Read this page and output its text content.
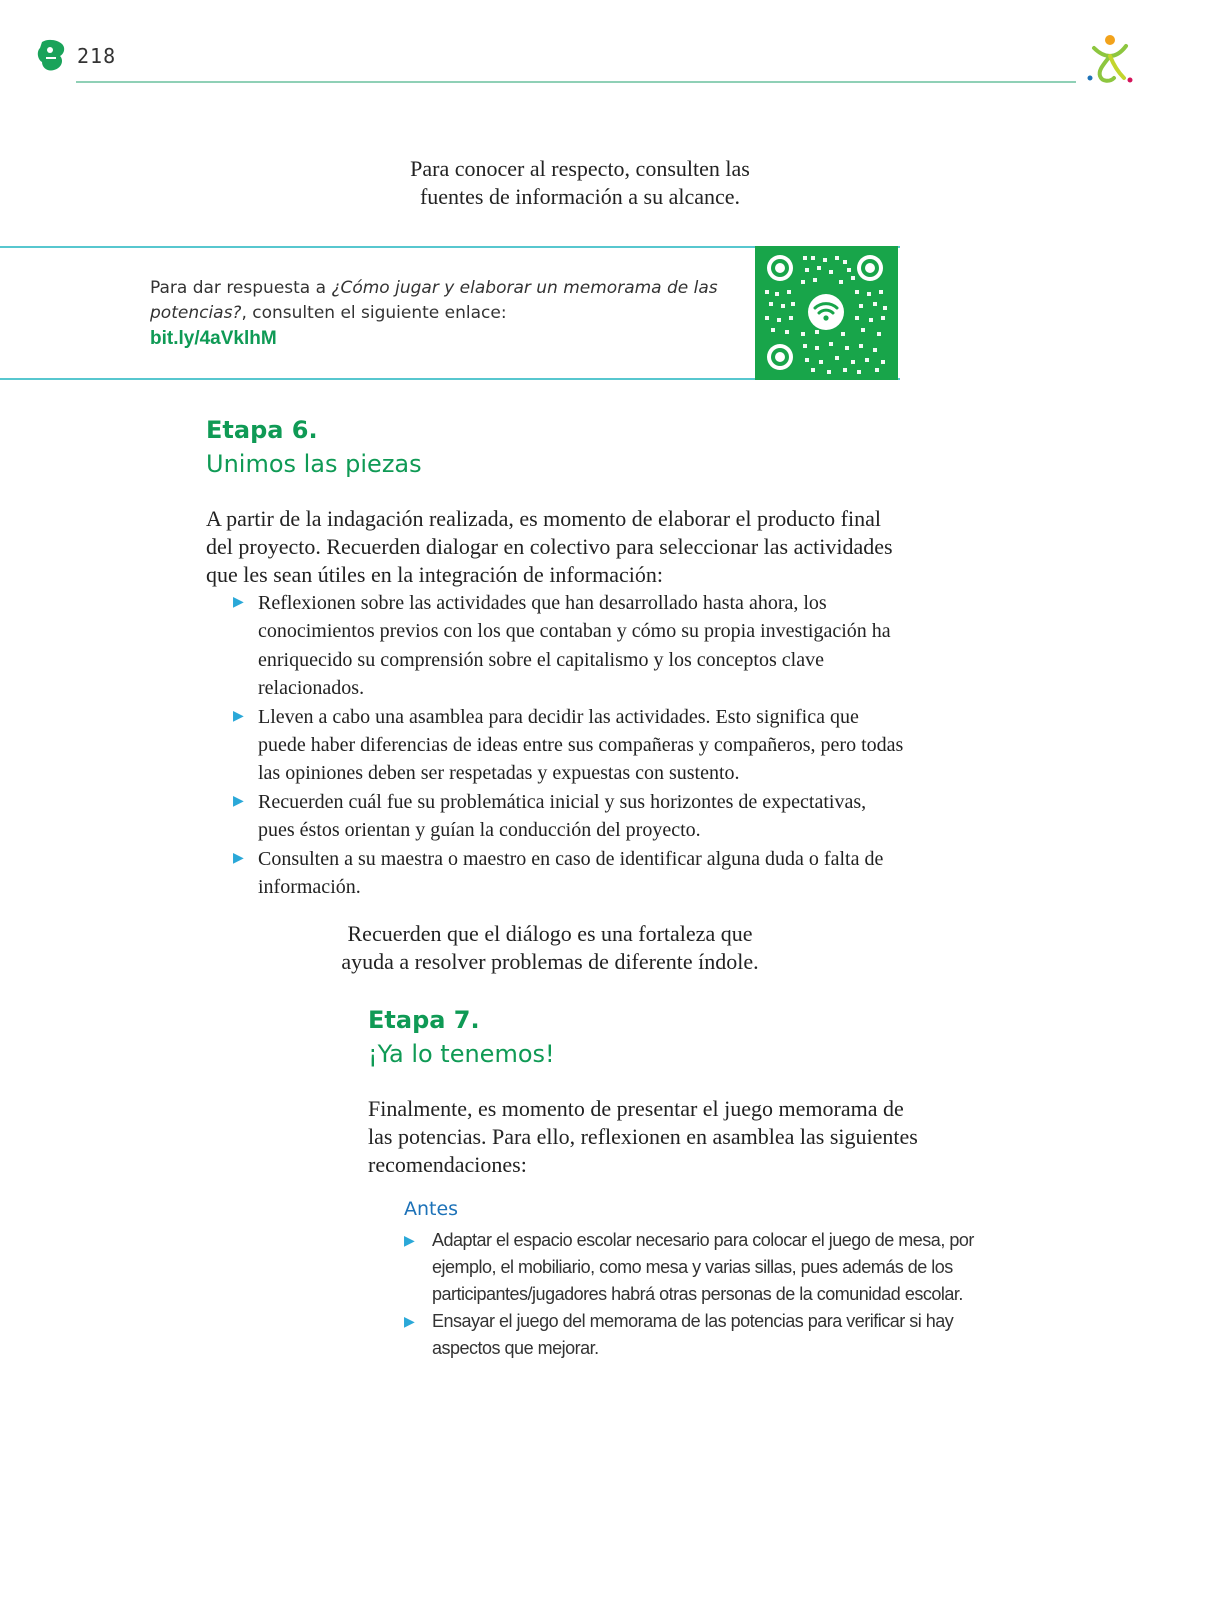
218
Para conocer al respecto, consulten las
fuentes de información a su alcance.
Para dar respuesta a ¿Cómo jugar y elaborar un memorama de las potencias?, consulten el siguiente enlace:
bit.ly/4aVklhM
Etapa 6.
Unimos las piezas
A partir de la indagación realizada, es momento de elaborar el producto final del proyecto. Recuerden dialogar en colectivo para seleccionar las actividades que les sean útiles en la integración de información:
▶ Reflexionen sobre las actividades que han desarrollado hasta ahora, los conocimientos previos con los que contaban y cómo su propia investigación ha enriquecido su comprensión sobre el capitalismo y los conceptos clave relacionados.
▶ Lleven a cabo una asamblea para decidir las actividades. Esto significa que puede haber diferencias de ideas entre sus compañeras y compañeros, pero todas las opiniones deben ser respetadas y expuestas con sustento.
▶ Recuerden cuál fue su problemática inicial y sus horizontes de expectativas, pues éstos orientan y guían la conducción del proyecto.
▶ Consulten a su maestra o maestro en caso de identificar alguna duda o falta de información.
Recuerden que el diálogo es una fortaleza que
ayuda a resolver problemas de diferente índole.
Etapa 7.
¡Ya lo tenemos!
Finalmente, es momento de presentar el juego memorama de las potencias. Para ello, reflexionen en asamblea las siguientes recomendaciones:
Antes
▶ Adaptar el espacio escolar necesario para colocar el juego de mesa, por ejemplo, el mobiliario, como mesa y varias sillas, pues además de los participantes/jugadores habrá otras personas de la comunidad escolar.
▶ Ensayar el juego del memorama de las potencias para verificar si hay aspectos que mejorar.
